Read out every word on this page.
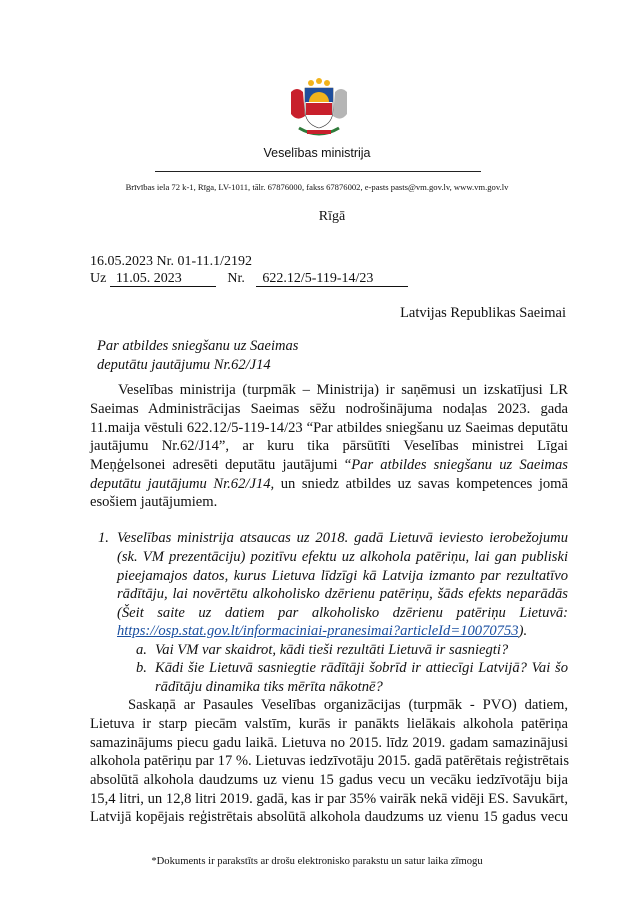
Veselības ministrija
Brīvības iela 72 k-1, Rīga, LV-1011, tālr. 67876000, fakss 67876002, e-pasts pasts@vm.gov.lv, www.vm.gov.lv
Rīgā
16.05.2023 Nr. 01-11.1/2192
Uz 11.05. 2023	Nr. 622.12/5-119-14/23
Latvijas Republikas Saeimai
Par atbildes sniegšanu uz Saeimas
deputātu jautājumu Nr.62/J14
Veselības ministrija (turpmāk – Ministrija) ir saņēmusi un izskatījusi LR
Saeimas Administrācijas Saeimas sēžu nodrošinājuma nodaļas 2023. gada
11.maija vēstuli 622.12/5-119-14/23 “Par atbildes sniegšanu uz Saeimas deputātu
jautājumu Nr.62/J14”, ar kuru tika pārsūtīti Veselības ministrei Līgai
Meņģelsonei adresēti deputātu jautājumi “Par atbildes sniegšanu uz Saeimas
deputātu jautājumu Nr.62/J14, un sniedz atbildes uz savas kompetences jomā
esošiem jautājumiem.
1. Veselības ministrija atsaucas uz 2018. gadā Lietuvā ieviesto ierobežojumu
(sk. VM prezentāciju) pozitīvu efektu uz alkohola patēriņu, lai gan publiski
pieejamajos datos, kurus Lietuva līdzīgi kā Latvija izmanto par rezultatīvo
rādītāju, lai novērtētu alkoholisko dzērienu patēriņu, šāds efekts neparādās
(Šeit saite uz datiem par alkoholisko dzērienu patēriņu Lietuvā:
https://osp.stat.gov.lt/informaciniai-pranesimai?articleId=10070753).
a. Vai VM var skaidrot, kādi tieši rezultāti Lietuvā ir sasniegti?
b. Kādi šie Lietuvā sasniegtie rādītāji šobrīd ir attiecīgi Latvijā? Vai šo
rādītāju dinamika tiks mērīta nākotnē?
Saskaņā ar Pasaules Veselības organizācijas (turpmāk - PVO) datiem,
Lietuva ir starp piecām valstīm, kurās ir panākts lielākais alkohola patēriņa
samazinājums piecu gadu laikā. Lietuva no 2015. līdz 2019. gadam samazinājusi
alkohola patēriņu par 17 %. Lietuvas iedzīvotāju 2015. gadā patērētais reģistrētais
absolūtā alkohola daudzums uz vienu 15 gadus vecu un vecāku iedzīvotāju bija
15,4 litri, un 12,8 litri 2019. gadā, kas ir par 35% vairāk nekā vidēji ES. Savukārt,
Latvijā kopējais reģistrētais absolūtā alkohola daudzums uz vienu 15 gadus vecu
*Dokuments ir parakstīts ar drošu elektronisko parakstu un satur laika zīmogu
